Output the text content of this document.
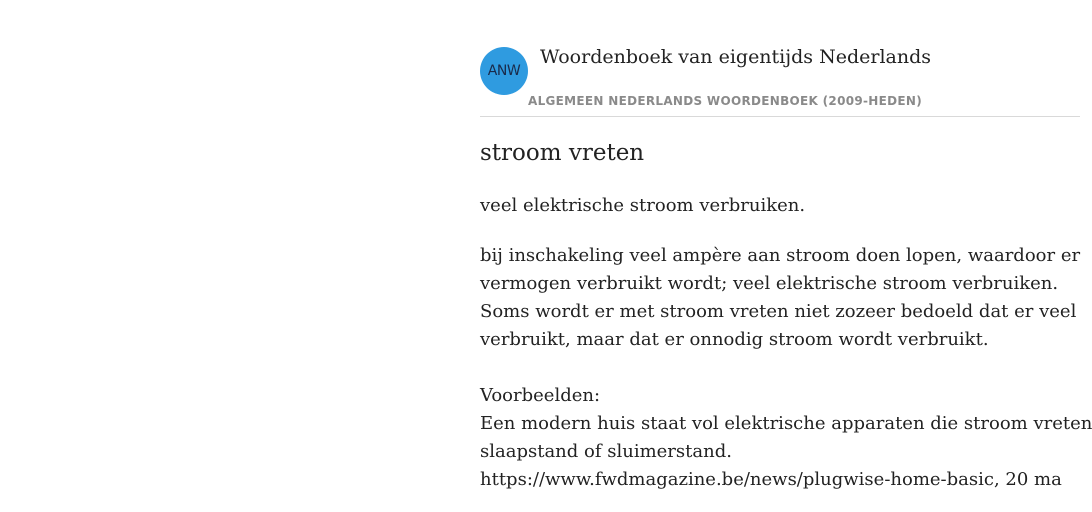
ANW
Woordenboek van eigentijds Nederlands
ALGEMEEN NEDERLANDS WOORDENBOEK (2009-HEDEN)
stroom vreten
veel elektrische stroom verbruiken.
bij inschakeling veel ampère aan stroom doen lopen, waardoor er
vermogen verbruikt wordt; veel elektrische stroom verbruiken.
Soms wordt er met stroom vreten niet zozeer bedoeld dat er veel
verbruikt, maar dat er onnodig stroom wordt verbruikt.
Voorbeelden:
Een modern huis staat vol elektrische apparaten die stroom vreten
slaapstand of sluimerstand.
https://www.fwdmagazine.be/news/plugwise-home-basic, 20 ma
